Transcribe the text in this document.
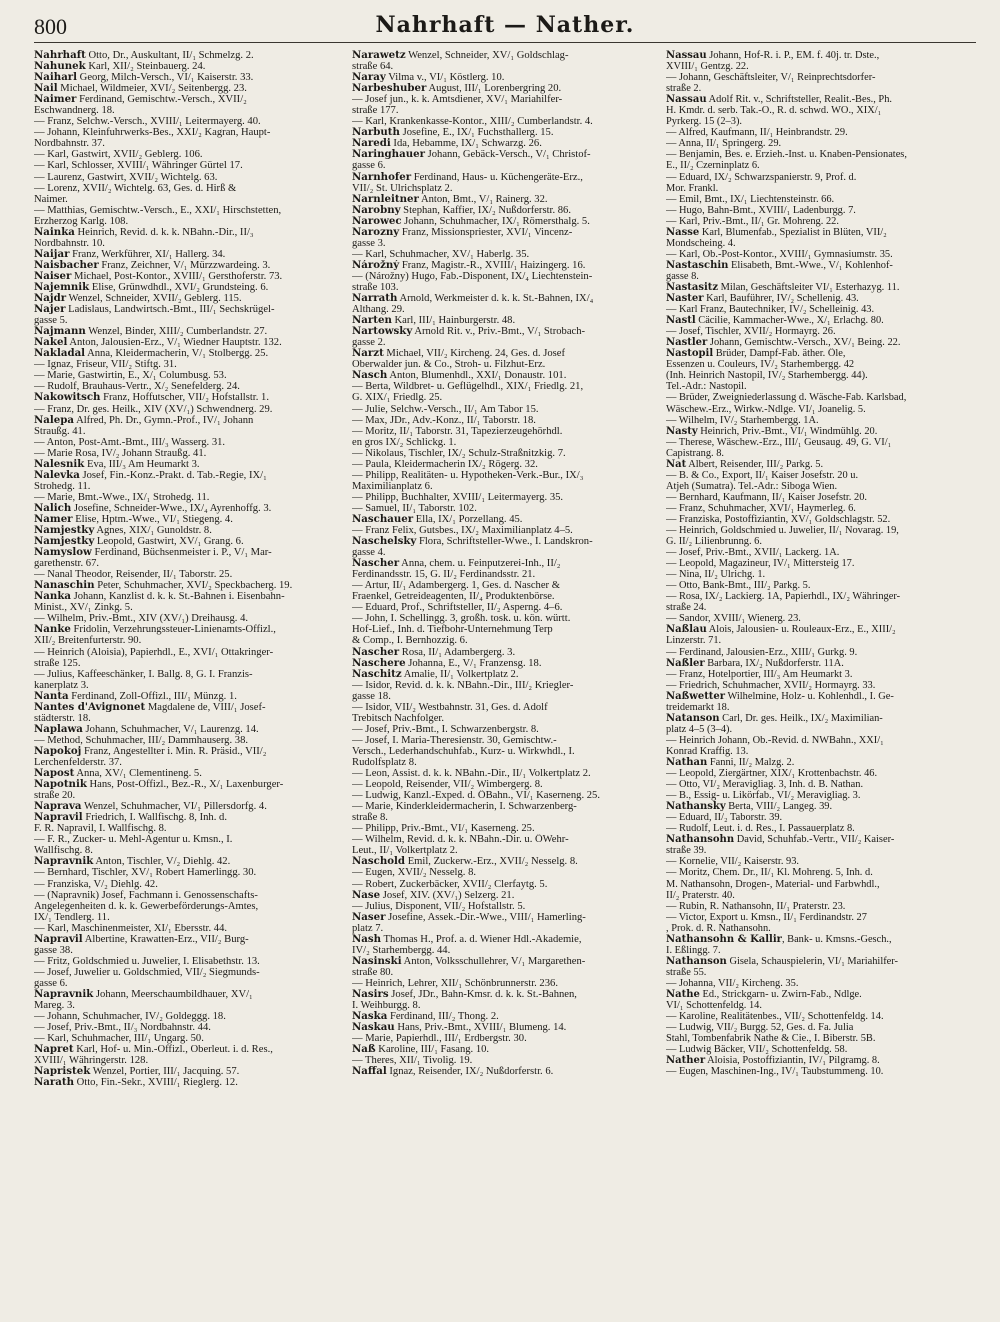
800	Nahrhaft — Nather.
Nahrhaft Otto, Dr., Auskultant, II/₁ Schmelzg. 2.
Nahunek Karl, XII/₂ Steinbauerg. 24.
Naiharl Georg, Milch-Versch., VI/₁ Kaiserstr. 33.
Nail Michael, Wildmeier, XVI/₂ Seitenbergg. 23.
Naimer Ferdinand, Gemischtw.-Versch., XVII/₂
Eschwandnerg. 18.
— Franz, Selchw.-Versch., XVIII/₁ Leitermayerg. 40.
— Johann, Kleinfuhrwerks-Bes., XXI/₂ Kagran, Haupt-
Nordbahnstr. 37.
— Karl, Gastwirt, XVII/₂ Geblerg. 106.
— Karl, Schlosser, XVIII/₁ Währinger Gürtel 17.
— Laurenz, Gastwirt, XVII/₂ Wichtelg. 63.
— Lorenz, XVII/₂ Wichtelg. 63, Ges. d. Hirß &
Naimer.
— Matthias, Gemischtw.-Versch., E., XXI/₁ Hirschstetten,
Erzherzog Karlg. 108.
Nainka Heinrich, Revid. d. k. k. NBahn.-Dir., II/₃
Nordbahnstr. 10.
Naijar Franz, Werkführer, XI/₁ Hallerg. 34.
Naisbacher Franz, Zeichner, V/₁ Mürzzwardeing. 3.
Naiser Michael, Post-Kontor., XVIII/₁ Gersthoferstr. 73.
Najemnik Elise, Grünwdhdl., XVI/₂ Grundsteing. 6.
Najdr Wenzel, Schneider, XVII/₂ Geblerg. 115.
Najer Ladislaus, Landwirtsch.-Bmt., III/₁ Sechskrügel-
gasse 5.
Najmann Wenzel, Binder, XIII/₂ Cumberlandstr. 27.
Nakel Anton, Jalousien-Erz., V/₁ Wiedner Hauptstr. 132.
Nakladal Anna, Kleidermacherin, V/₁ Stolbergg. 25.
— Ignaz, Friseur, VII/₂ Stiftg. 31.
— Marie, Gastwirtin, E., X/₁ Columbusg. 53.
— Rudolf, Brauhaus-Vertr., X/₂ Senefelderg. 24.
Nakowitsch Franz, Hoffutscher, VII/₂ Hofstallstr. 1.
— Franz, Dr. ges. Heilk., XIV (XV/₁) Schwendnerg. 29.
Nalepa Alfred, Ph. Dr., Gymn.-Prof., IV/₁ Johann
Straußg. 41.
— Anton, Post-Amt.-Bmt., III/₃ Wasserg. 31.
— Marie Rosa, IV/₂ Johann Straußg. 41.
Nalesnik Eva, III/₃ Am Heumarkt 3.
Nalevka Josef, Fin.-Konz.-Prakt. d. Tab.-Regie, IX/₁
Strohedg. 11.
— Marie, Bmt.-Wwe., IX/₁ Strohedg. 11.
Nalich Josefine, Schneider-Wwe., IX/₄ Ayrenhoffg. 3.
Namer Elise, Hptm.-Wwe., VI/₁ Stiegeng. 4.
Namjestky Agnes, XIX/₁ Gunoldstr. 8.
Namjestky Leopold, Gastwirt, XV/₁ Grang. 6.
Namyslow Ferdinand, Büchsenmeister i. P., V/₁ Mar-
garethenstr. 67.
— Nanal Theodor, Reisender, II/₁ Taborstr. 25.
Nanaschin Peter, Schuhmacher, XVI/₂ Speckbacherg. 19.
Nanka Johann, Kanzlist d. k. k. St.-Bahnen i. Eisenbahn-
Minist., XV/₁ Zinkg. 5.
— Wilhelm, Priv.-Bmt., XIV (XV/₁) Dreihausg. 4.
Nanke Fridolin, Verzehrungssteuer-Linienamts-Offizl.,
XII/₂ Breitenfurterstr. 90.
— Heinrich (Aloisia), Papierhdl., E., XVI/₁ Ottakringer-
straße 125.
— Julius, Kaffeeschänker, I. Ballg. 8, G. I. Franzis-
kanerplatz 3.
Nanta Ferdinand, Zoll-Offizl., III/₁ Münzg. 1.
Nantes d'Avignonet Magdalene de, VIII/₁ Josef-
städterstr. 18.
Naplawa Johann, Schuhmacher, V/₁ Laurenzg. 14.
— Method, Schuhmacher, III/₂ Dammhauserg. 38.
Napokoj Franz, Angestellter i. Min. R. Präsid., VII/₂
Lerchenfelderstr. 37.
Napost Anna, XV/₁ Clementineng. 5.
Napotnik Hans, Post-Offizl., Bez.-R., X/₁ Laxenburger-
straße 20.
Naprava Wenzel, Schuhmacher, VI/₁ Pillersdorfg. 4.
Napravil Friedrich, I. Wallfischg. 8, Inh. d.
F. R. Napravil, I. Wallfischg. 8.
— F. R., Zucker- u. Mehl-Agentur u. Kmsn., I.
Wallfischg. 8.
Napravnik Anton, Tischler, V/₂ Diehlg. 42.
— Bernhard, Tischler, XV/₁ Robert Hamerlingg. 30.
— Franziska, V/₂ Diehlg. 42.
— (Napravnik) Josef, Fachmann i. Genossenschafts-
Angelegenheiten d. k. k. Gewerbeförderungs-Amtes,
IX/₁ Tendlerg. 11.
— Karl, Maschinenmeister, XI/₁ Ebersstr. 44.
Napravil Albertine, Krawatten-Erz., VII/₂ Burg-
gasse 38.
— Fritz, Goldschmied u. Juwelier, I. Elisabethstr. 13.
— Josef, Juwelier u. Goldschmied, VII/₂ Siegmunds-
gasse 6.
Napravnik Johann, Meerschaumbildhauer, XV/₁
Mareg. 3.
— Johann, Schuhmacher, IV/₂ Goldeggg. 18.
— Josef, Priv.-Bmt., II/₃ Nordbahnstr. 44.
— Karl, Schuhmacher, III/₁ Ungarg. 50.
Napret Karl, Hof- u. Min.-Offizl., Oberleut. i. d. Res.,
XVIII/₁ Währingerstr. 128.
Napristek Wenzel, Portier, III/₁ Jacquing. 57.
Narath Otto, Fin.-Sekr., XVIII/₁ Rieglerg. 12.
Narawetz Wenzel, Schneider, XV/₁ Goldschlag-
straße 64.
Naray Vilma v., VI/₁ Köstlerg. 10.
Narbeshuber August, III/₁ Lorenbergring 20.
— Josef jun., k. k. Amtsdiener, XV/₁ Mariahilfer-
straße 177.
— Karl, Krankenkasse-Kontor., XIII/₂ Cumberlandstr. 4.
Narbuth Josefine, E., IX/₁ Fuchsthallerg. 15.
Naredi Ida, Hebamme, IX/₁ Schwarzg. 26.
Naringhauer Johann, Gebäck-Versch., V/₁ Christof-
gasse 6.
Narnhofer Ferdinand, Haus- u. Küchengeräte-Erz.,
VII/₂ St. Ulrichsplatz 2.
Narnleitner Anton, Bmt., V/₁ Rainerg. 32.
Narobny Stephan, Kaffier, IX/₂ Nußdorferstr. 86.
Narowec Johann, Schuhmacher, IX/₁ Römersthalg. 5.
Narozny Franz, Missionspriester, XVI/₁ Vincenz-
gasse 3.
— Karl, Schuhmacher, XV/₁ Haberlg. 35.
Nárožný Franz, Magistr.-R., XVIII/₁ Haizingerg. 16.
— (Nárožny) Hugo, Fab.-Disponent, IX/₄ Liechtenstein-
straße 103.
Narrath Arnold, Werkmeister d. k. k. St.-Bahnen, IX/₄
Althang. 29.
Narten Karl, III/₁ Hainburgerstr. 48.
Nartowsky Arnold Rit. v., Priv.-Bmt., V/₁ Strobach-
gasse 2.
Narzt Michael, VII/₂ Kircheng. 24, Ges. d. Josef
Oberwalder jun. & Co., Stroh- u. Filzhut-Erz.
Nasch Anton, Blumenhdl., XXI/₁ Donaustr. 101.
— Berta, Wildbret- u. Geflügelhdl., XIX/₁ Friedlg. 21,
G. XIX/₁ Friedlg. 25.
— Julie, Selchw.-Versch., II/₁ Am Tabor 15.
— Max, JDr., Adv.-Konz., II/₁ Taborstr. 18.
— Moritz, II/₁ Taborstr. 31, Tapezierzeugehörhdl.
en gros IX/₂ Schlickg. 1.
— Nikolaus, Tischler, IX/₂ Schulz-Straßnitzkig. 7.
— Paula, Kleidermacherin IX/₂ Rögerg. 32.
— Philipp, Realitäten- u. Hypotheken-Verk.-Bur., IX/₃
Maximilianplatz 6.
— Philipp, Buchhalter, XVIII/₁ Leitermayerg. 35.
— Samuel, II/₁ Taborstr. 102.
Naschauer Ella, IX/₁ Porzellang. 45.
— Franz Felix, Gutsbes., IX/₂ Maximilianplatz 4–5.
Naschelsky Flora, Schriftsteller-Wwe., I. Landskron-
gasse 4.
Nascher Anna, chem. u. Feinputzerei-Inh., II/₂
Ferdinandsstr. 15, G. II/₂ Ferdinandsstr. 21.
— Artur, II/₁ Adambergerg. 1, Ges. d. Nascher &
Fraenkel, Getreideagenten, II/₄ Produktenbörse.
— Eduard, Prof., Schriftsteller, II/₂ Asperng. 4–6.
— John, I. Schellingg. 3, großh. tosk. u. kön. württ.
Hof-Lief., Inh. d. Tiefbohr-Unternehmung Terp
& Comp., I. Bernhozzig. 6.
Nascher Rosa, II/₁ Adambergerg. 3.
Naschere Johanna, E., V/₁ Franzensg. 18.
Naschitz Amalie, II/₁ Volkertplatz 2.
— Isidor, Revid. d. k. k. NBahn.-Dir., III/₂ Kriegler-
gasse 18.
— Isidor, VII/₂ Westbahnstr. 31, Ges. d. Adolf
Trebitsch Nachfolger.
— Josef, Priv.-Bmt., I. Schwarzenbergstr. 8.
— Josef, I. Maria-Theresienstr. 30, Gemischtw.-
Versch., Lederhandschuhfab., Kurz- u. Wirkwhdl., I.
Rudolfsplatz 8.
— Leon, Assist. d. k. k. NBahn.-Dir., II/₁ Volkertplatz 2.
— Leopold, Reisender, VII/₂ Wimbergerg. 8.
— Ludwig, Kanzl.-Exped. d. ÖBahn., VI/₁ Kaserneng. 25.
— Marie, Kinderkleidermacherin, I. Schwarzenberg-
straße 8.
— Philipp, Priv.-Bmt., VI/₁ Kaserneng. 25.
— Wilhelm, Revid. d. k. k. NBahn.-Dir. u. ÖWehr-
Leut., II/₁ Volkertplatz 2.
Naschold Emil, Zuckerw.-Erz., XVII/₂ Nesselg. 8.
— Eugen, XVII/₂ Nesselg. 8.
— Robert, Zuckerbäcker, XVII/₂ Clerfaytg. 5.
Nase Josef, XIV. (XV/₁) Selzerg. 21.
— Julius, Disponent, VII/₂ Hofstallstr. 5.
Naser Josefine, Assek.-Dir.-Wwe., VIII/₁ Hamerling-
platz 7.
Nash Thomas H., Prof. a. d. Wiener Hdl.-Akademie,
IV/₂ Starhembergg. 44.
Nasinski Anton, Volksschullehrer, V/₁ Margarethen-
straße 80.
— Heinrich, Lehrer, XII/₁ Schönbrunnerstr. 236.
Nasirs Josef, JDr., Bahn-Kmsr. d. k. k. St.-Bahnen,
I. Weihburgg. 8.
Naska Ferdinand, III/₂ Thong. 2.
Naskau Hans, Priv.-Bmt., XVIII/₁ Blumeng. 14.
— Marie, Papierhdl., III/₁ Erdbergstr. 30.
Naß Karoline, III/₁ Fasang. 10.
— Theres, XII/₁ Tivolig. 19.
Naffal Ignaz, Reisender, IX/₂ Nußdorferstr. 6.
Nassau Johann, Hof-R. i. P., EM. f. 40j. tr. Dste.,
XVIII/₁ Gentzg. 22.
— Johann, Geschäftsleiter, V/₁ Reinprechtsdorfer-
straße 2.
Nassau Adolf Rit. v., Schriftsteller, Realit.-Bes., Ph.
H. Kmdr. d. serb. Tak.-O., R. d. schwd. WO., XIX/₁
Pyrkerg. 15 (2–3).
— Alfred, Kaufmann, II/₁ Heinbrandstr. 29.
— Anna, II/₁ Springerg. 29.
— Benjamin, Bes. e. Erzieh.-Inst. u. Knaben-Pensionates,
E., II/₂ Czerninplatz 6.
— Eduard, IX/₂ Schwarzspanierstr. 9, Prof. d.
Mor. Frankl.
— Emil, Bmt., IX/₁ Liechtensteinstr. 66.
— Hugo, Bahn-Bmt., XVIII/₁ Ladenburgg. 7.
— Karl, Priv.-Bmt., II/₁ Gr. Mohreng. 22.
Nasse Karl, Blumenfab., Spezialist in Blüten, VII/₂
Mondscheing. 4.
— Karl, Ob.-Post-Kontor., XVIII/₁ Gymnasiumstr. 35.
Nastaschin Elisabeth, Bmt.-Wwe., V/₁ Kohlenhof-
gasse 8.
Nastasitz Milan, Geschäftsleiter VI/₁ Esterhazyg. 11.
Naster Karl, Bauführer, IV/₂ Schellenig. 43.
— Karl Franz, Bautechniker, IV/₂ Schelleinig. 43.
Nastl Cäcilie, Kammacher-Wwe., X/₁ Erlachg. 80.
— Josef, Tischler, XVII/₂ Hormayrg. 26.
Nastler Johann, Gemischtw.-Versch., XV/₁ Being. 22.
Nastopil Brüder, Dampf-Fab. äther. Öle,
Essenzen u. Couleurs, IV/₂ Starhembergg. 42
(Inh. Heinrich Nastopil, IV/₂ Starhembergg. 44).
Tel.-Adr.: Nastopil.
— Brüder, Zweigniederlassung d. Wäsche-Fab. Karlsbad,
Wäschew.-Erz., Wirkw.-Ndlge. VI/₁ Joanelig. 5.
— Wilhelm, IV/₂ Starhembergg. 1A.
Nasty Heinrich, Priv.-Bmt., VI/₁ Windmühlg. 20.
— Therese, Wäschew.-Erz., III/₁ Geusaug. 49, G. VI/₁
Capistrang. 8.
Nat Albert, Reisender, III/₂ Parkg. 5.
— B. & Co., Export, II/₁ Kaiser Josefstr. 20 u.
Atjeh (Sumatra). Tel.-Adr.: Siboga Wien.
— Bernhard, Kaufmann, II/₁ Kaiser Josefstr. 20.
— Franz, Schuhmacher, XVI/₁ Haymerleg. 6.
— Franziska, Postoffiziantin, XV/₁ Goldschlagstr. 52.
— Heinrich, Goldschmied u. Juwelier, II/₁ Novarag. 19,
G. II/₂ Lilienbrunng. 6.
— Josef, Priv.-Bmt., XVII/₁ Lackerg. 1A.
— Leopold, Magazineur, IV/₁ Mittersteig 17.
— Nina, II/₂ Ulrichg. 1.
— Otto, Bank-Bmt., III/₂ Parkg. 5.
— Rosa, IX/₂ Lackierg. 1A, Papierhdl., IX/₂ Währinger-
straße 24.
— Sandor, XVIII/₁ Wienerg. 23.
Naßlau Alois, Jalousien- u. Rouleaux-Erz., E., XIII/₂
Linzerstr. 71.
— Ferdinand, Jalousien-Erz., XIII/₁ Gurkg. 9.
Naßler Barbara, IX/₂ Nußdorferstr. 11A.
— Franz, Hotelportier, III/₃ Am Heumarkt 3.
— Friedrich, Schuhmacher, XVII/₂ Hormayrg. 33.
Naßwetter Wilhelmine, Holz- u. Kohlenhdl., I. Ge-
treidemarkt 18.
Natanson Carl, Dr. ges. Heilk., IX/₂ Maximilian-
platz 4–5 (3–4).
— Heinrich Johann, Ob.-Revid. d. NWBahn., XXI/₁
Konrad Kraffig. 13.
Nathan Fanni, II/₂ Malzg. 2.
— Leopold, Ziergärtner, XIX/₁ Krottenbachstr. 46.
— Otto, VI/₂ Meravigliag. 3, Inh. d. B. Nathan.
— B., Essig- u. Likörfab., VI/₂ Meravigliag. 3.
Nathansky Berta, VIII/₂ Langeg. 39.
— Eduard, II/₂ Taborstr. 39.
— Rudolf, Leut. i. d. Res., I. Passauerplatz 8.
Nathansohn David, Schuhfab.-Vertr., VII/₂ Kaiser-
straße 39.
— Kornelie, VII/₂ Kaiserstr. 93.
— Moritz, Chem. Dr., II/₁ Kl. Mohreng. 5, Inh. d.
M. Nathansohn, Drogen-, Material- und Farbwhdl.,
II/₂ Praterstr. 40.
— Rubin, R. Nathansohn, II/₁ Praterstr. 23.
— Victor, Export u. Kmsn., II/₁ Ferdinandstr. 27
, Prok. d. R. Nathansohn.
Nathansohn & Kallir, Bank- u. Kmsns.-Gesch.,
I. Eßlingg. 7.
Nathanson Gisela, Schauspielerin, VI/₁ Mariahilfer-
straße 55.
— Johanna, VII/₂ Kircheng. 35.
Nathe Ed., Strickgarn- u. Zwirn-Fab., Ndlge.
VI/₁ Schottenfeldg. 14.
— Karoline, Realitätenbes., VII/₂ Schottenfeldg. 14.
— Ludwig, VII/₂ Burgg. 52, Ges. d. Fa. Julia
Stahl, Tombenfabrik Nathe & Cie., I. Biberstr. 5B.
— Ludwig Bäcker, VII/₂ Schottenfeldg. 58.
Nather Aloisia, Postoffiziantin, IV/₁ Pilgramg. 8.
— Eugen, Maschinen-Ing., IV/₁ Taubstummeng. 10.
